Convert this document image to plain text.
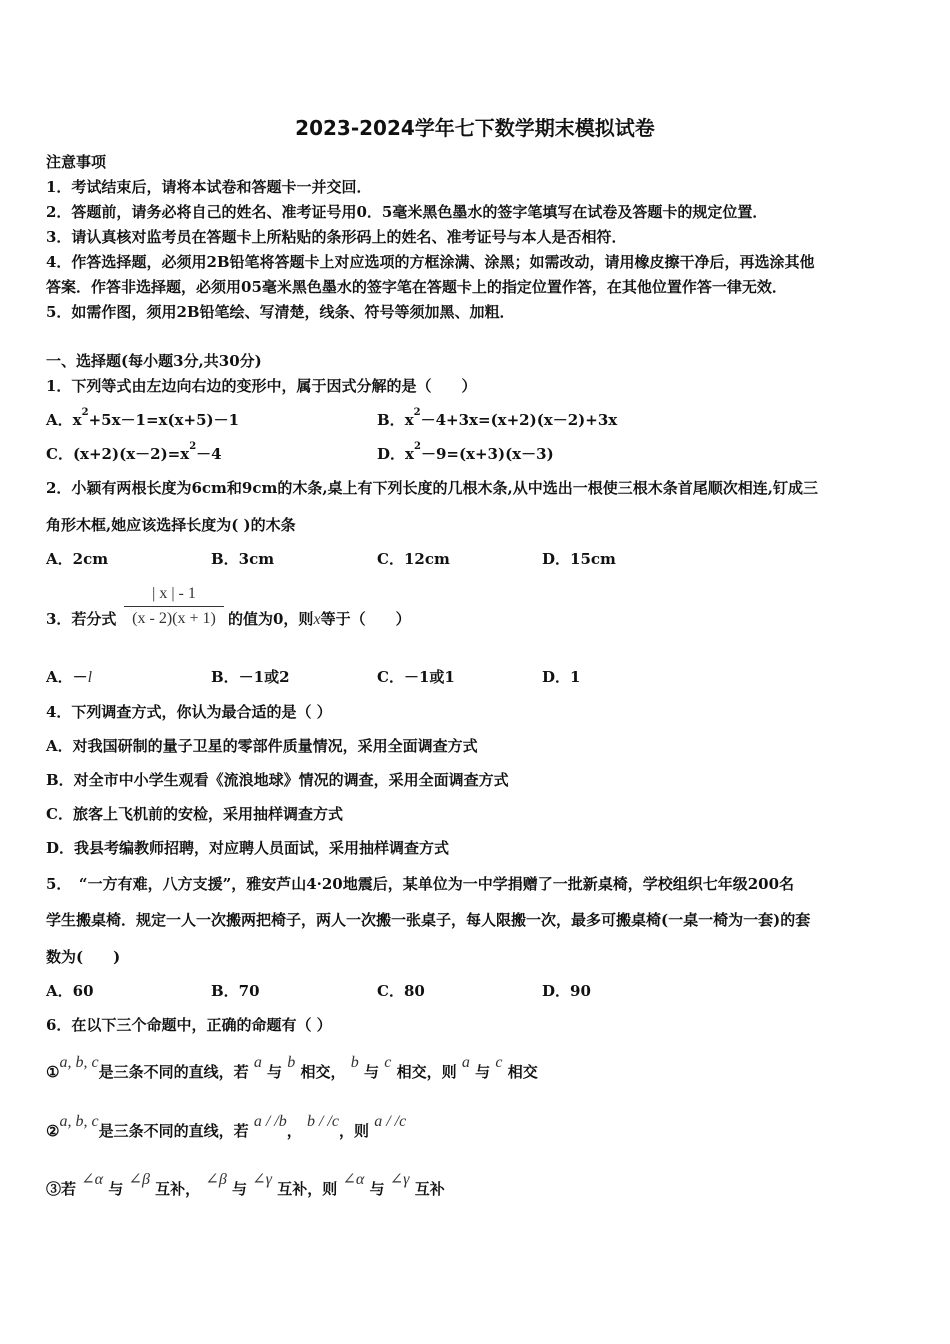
2023-2024学年七下数学期末模拟试卷
注意事项
1．考试结束后，请将本试卷和答题卡一并交回．
2．答题前，请务必将自己的姓名、准考证号用0．5毫米黑色墨水的签字笔填写在试卷及答题卡的规定位置．
3．请认真核对监考员在答题卡上所粘贴的条形码上的姓名、准考证号与本人是否相符．
4．作答选择题，必须用2B铅笔将答题卡上对应选项的方框涂满、涂黑；如需改动，请用橡皮擦干净后，再选涂其他
答案．作答非选择题，必须用05毫米黑色墨水的签字笔在答题卡上的指定位置作答，在其他位置作答一律无效．
5．如需作图，须用2B铅笔绘、写清楚，线条、符号等须加黑、加粗．
一、选择题(每小题3分,共30分)
1．下列等式由左边向右边的变形中，属于因式分解的是（　　）
A．$x^2+5x-1=x(x+5)-1$	B．$x^2-4+3x=(x+2)(x-2)+3x$
C．$(x+2)(x-2)=x^2-4$	D．$x^2-9=(x+3)(x-3)$
2．小颖有两根长度为6cm和9cm的木条,桌上有下列长度的几根木条,从中选出一根使三根木条首尾顺次相连,钉成三
角形木框,她应该选择长度为( )的木条
A．2cm	B．3cm	C．12cm	D．15cm
3．若分式
| x | - 1
(x - 2)(x + 1) 的值为0，则x等于（　　）
A．－l	B．－1或2	C．－1或1	D．1
4．下列调查方式，你认为最合适的是（ ）
A．对我国研制的量子卫星的零部件质量情况，采用全面调查方式
B．对全市中小学生观看《流浪地球》情况的调查，采用全面调查方式
C．旅客上飞机前的安检，采用抽样调查方式
D．我县考编教师招聘，对应聘人员面试，采用抽样调查方式
5．　“一方有难，八方支援”，雅安芦山4·20地震后，某单位为一中学捐赠了一批新桌椅，学校组织七年级200名
学生搬桌椅．规定一人一次搬两把椅子，两人一次搬一张桌子，每人限搬一次，最多可搬桌椅(一桌一椅为一套)的套
数为(　　)
A．60	B．70	C．80	D．90
6．在以下三个命题中，正确的命题有（ ）
①a, b, c是三条不同的直线，若 a 与 b 相交， b 与 c 相交，则 a 与 c 相交
②a, b, c是三条不同的直线，若 a / /b， b / /c，则 a / /c
③若 ∠α 与 ∠β 互补， ∠β 与 ∠γ 互补，则 ∠α 与 ∠γ 互补
